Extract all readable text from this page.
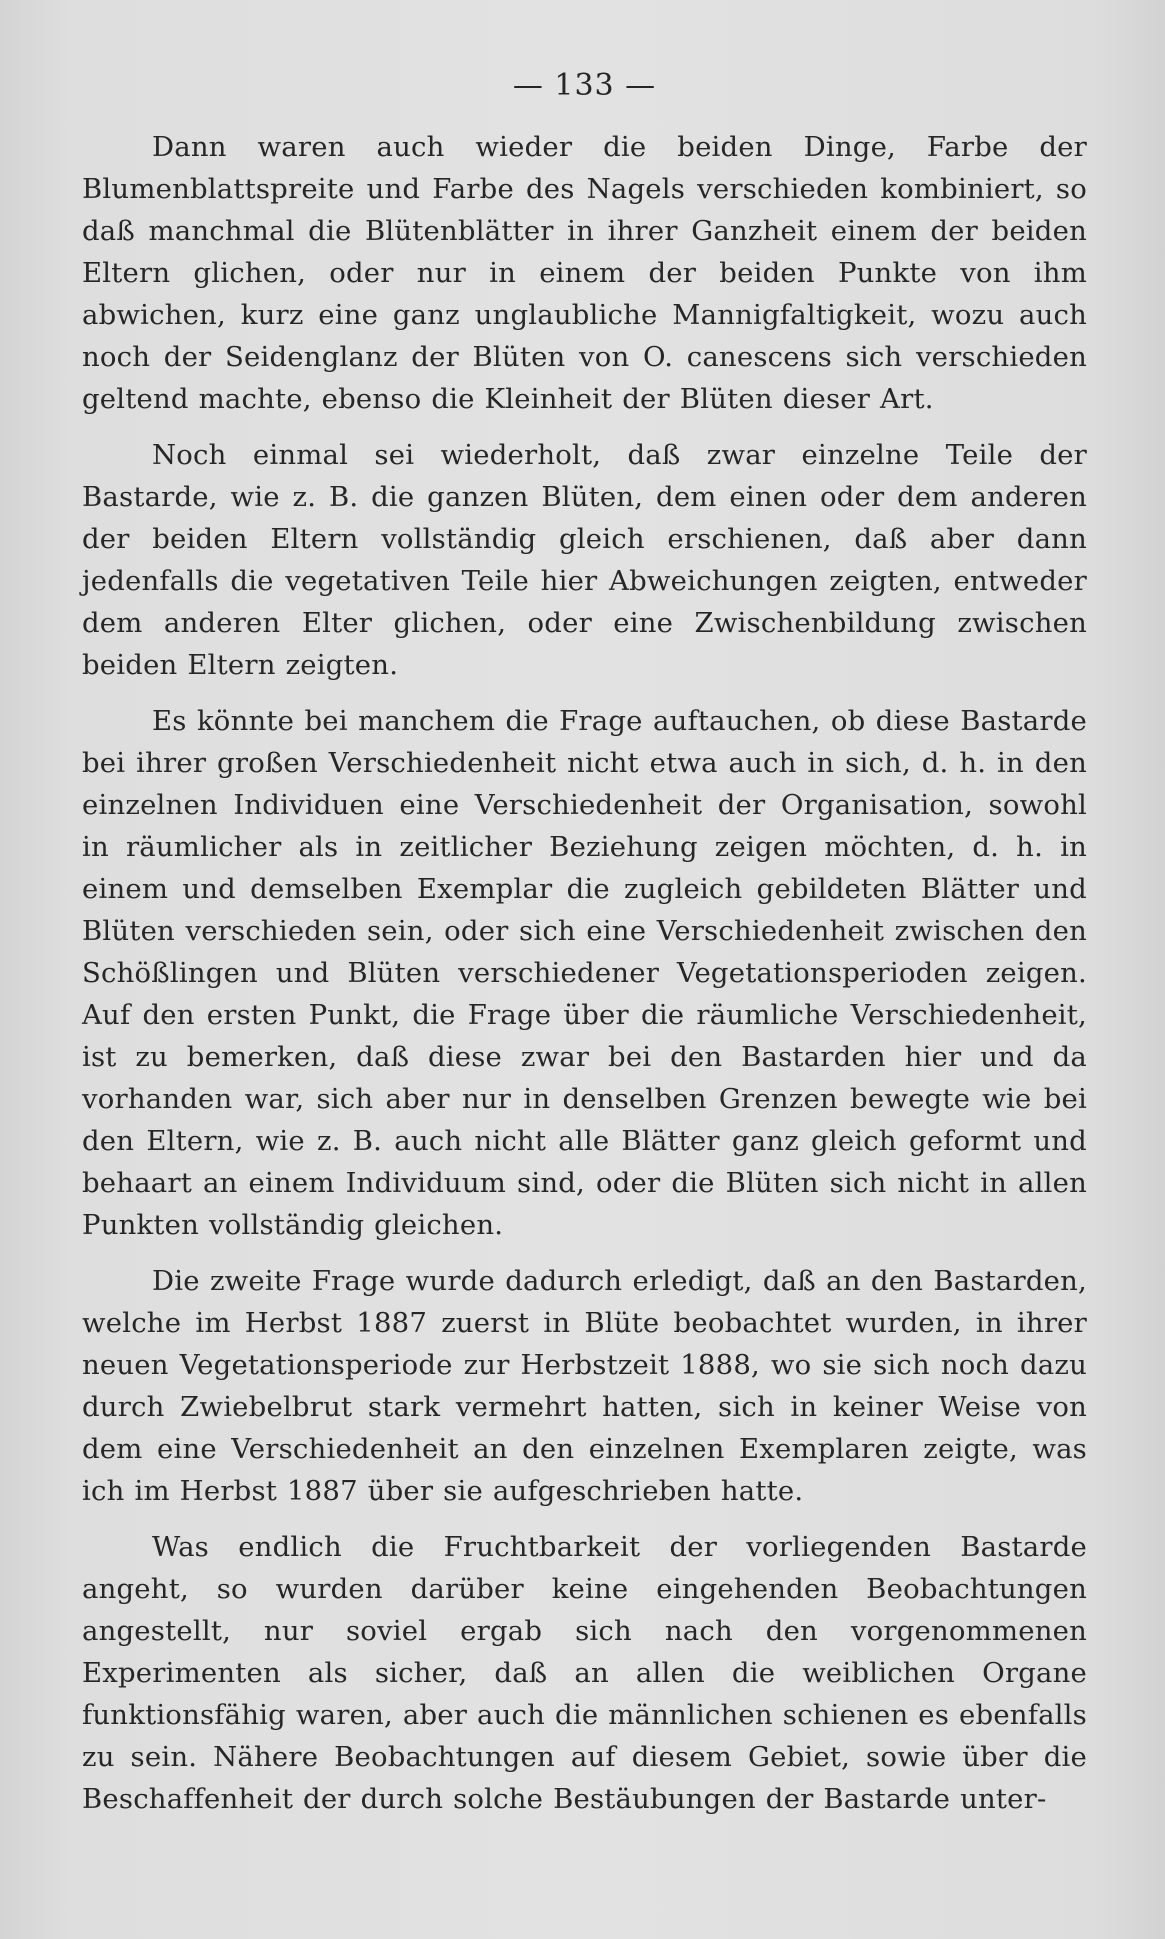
— 133 —

Dann waren auch wieder die beiden Dinge, Farbe der Blumenblattspreite und Farbe des Nagels verschieden kombiniert, so daß manchmal die Blütenblätter in ihrer Ganzheit einem der beiden Eltern glichen, oder nur in einem der beiden Punkte von ihm abwichen, kurz eine ganz unglaubliche Mannigfaltigkeit, wozu auch noch der Seidenglanz der Blüten von O. canescens sich verschieden geltend machte, ebenso die Kleinheit der Blüten dieser Art.

Noch einmal sei wiederholt, daß zwar einzelne Teile der Bastarde, wie z. B. die ganzen Blüten, dem einen oder dem anderen der beiden Eltern vollständig gleich erschienen, daß aber dann jedenfalls die vegetativen Teile hier Abweichungen zeigten, entweder dem anderen Elter glichen, oder eine Zwischenbildung zwischen beiden Eltern zeigten.

Es könnte bei manchem die Frage auftauchen, ob diese Bastarde bei ihrer großen Verschiedenheit nicht etwa auch in sich, d. h. in den einzelnen Individuen eine Verschiedenheit der Organisation, sowohl in räumlicher als in zeitlicher Beziehung zeigen möchten, d. h. in einem und demselben Exemplar die zugleich gebildeten Blätter und Blüten verschieden sein, oder sich eine Verschiedenheit zwischen den Schößlingen und Blüten verschiedener Vegetationsperioden zeigen. Auf den ersten Punkt, die Frage über die räumliche Verschiedenheit, ist zu bemerken, daß diese zwar bei den Bastarden hier und da vorhanden war, sich aber nur in denselben Grenzen bewegte wie bei den Eltern, wie z. B. auch nicht alle Blätter ganz gleich geformt und behaart an einem Individuum sind, oder die Blüten sich nicht in allen Punkten vollständig gleichen.

Die zweite Frage wurde dadurch erledigt, daß an den Bastarden, welche im Herbst 1887 zuerst in Blüte beobachtet wurden, in ihrer neuen Vegetationsperiode zur Herbstzeit 1888, wo sie sich noch dazu durch Zwiebelbrut stark vermehrt hatten, sich in keiner Weise von dem eine Verschiedenheit an den einzelnen Exemplaren zeigte, was ich im Herbst 1887 über sie aufgeschrieben hatte.

Was endlich die Fruchtbarkeit der vorliegenden Bastarde angeht, so wurden darüber keine eingehenden Beobachtungen angestellt, nur soviel ergab sich nach den vorgenommenen Experimenten als sicher, daß an allen die weiblichen Organe funktionsfähig waren, aber auch die männlichen schienen es ebenfalls zu sein. Nähere Beobachtungen auf diesem Gebiet, sowie über die Beschaffenheit der durch solche Bestäubungen der Bastarde unter-
